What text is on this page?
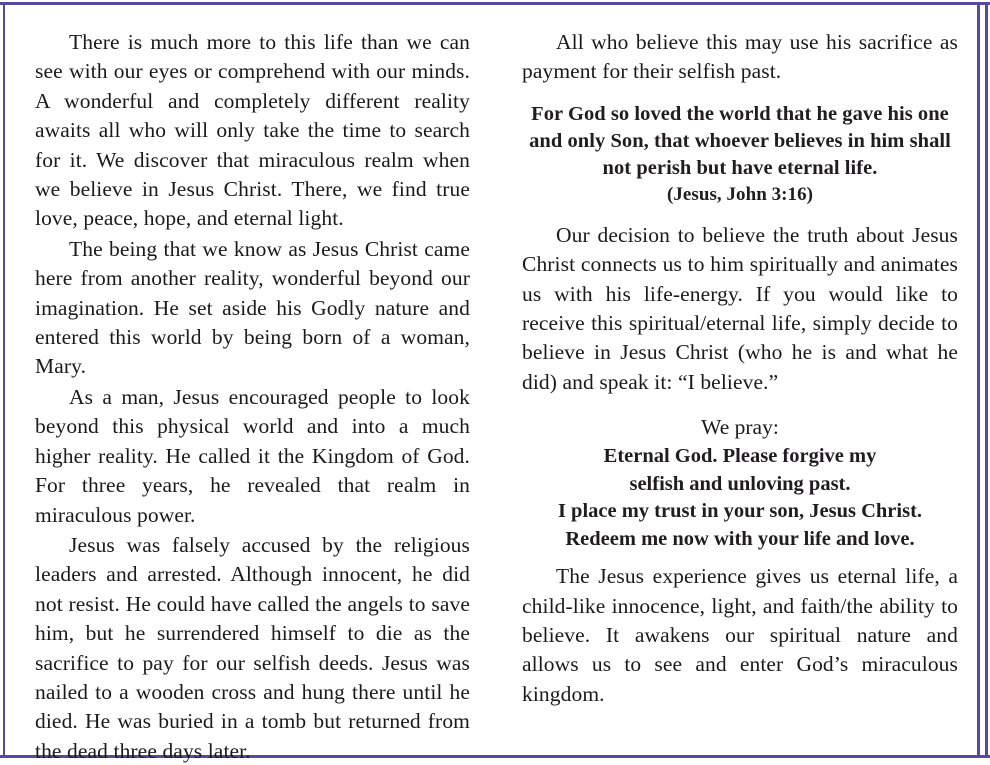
There is much more to this life than we can see with our eyes or comprehend with our minds. A wonderful and completely different reality awaits all who will only take the time to search for it. We discover that miraculous realm when we believe in Jesus Christ. There, we find true love, peace, hope, and eternal light.

The being that we know as Jesus Christ came here from another reality, wonderful beyond our imagination. He set aside his Godly nature and entered this world by being born of a woman, Mary.

As a man, Jesus encouraged people to look beyond this physical world and into a much higher reality. He called it the Kingdom of God. For three years, he revealed that realm in miraculous power.

Jesus was falsely accused by the religious leaders and arrested. Although innocent, he did not resist. He could have called the angels to save him, but he surrendered himself to die as the sacrifice to pay for our selfish deeds. Jesus was nailed to a wooden cross and hung there until he died. He was buried in a tomb but returned from the dead three days later.

All who believe this may use his sacrifice as payment for their selfish past.

For God so loved the world that he gave his one and only Son, that whoever believes in him shall not perish but have eternal life.
(Jesus, John 3:16)

Our decision to believe the truth about Jesus Christ connects us to him spiritually and animates us with his life-energy. If you would like to receive this spiritual/eternal life, simply decide to believe in Jesus Christ (who he is and what he did) and speak it: “I believe.”

We pray:

Eternal God. Please forgive my
selfish and unloving past.
I place my trust in your son, Jesus Christ.
Redeem me now with your life and love.

The Jesus experience gives us eternal life, a child-like innocence, light, and faith/the ability to believe. It awakens our spiritual nature and allows us to see and enter God’s miraculous kingdom.
